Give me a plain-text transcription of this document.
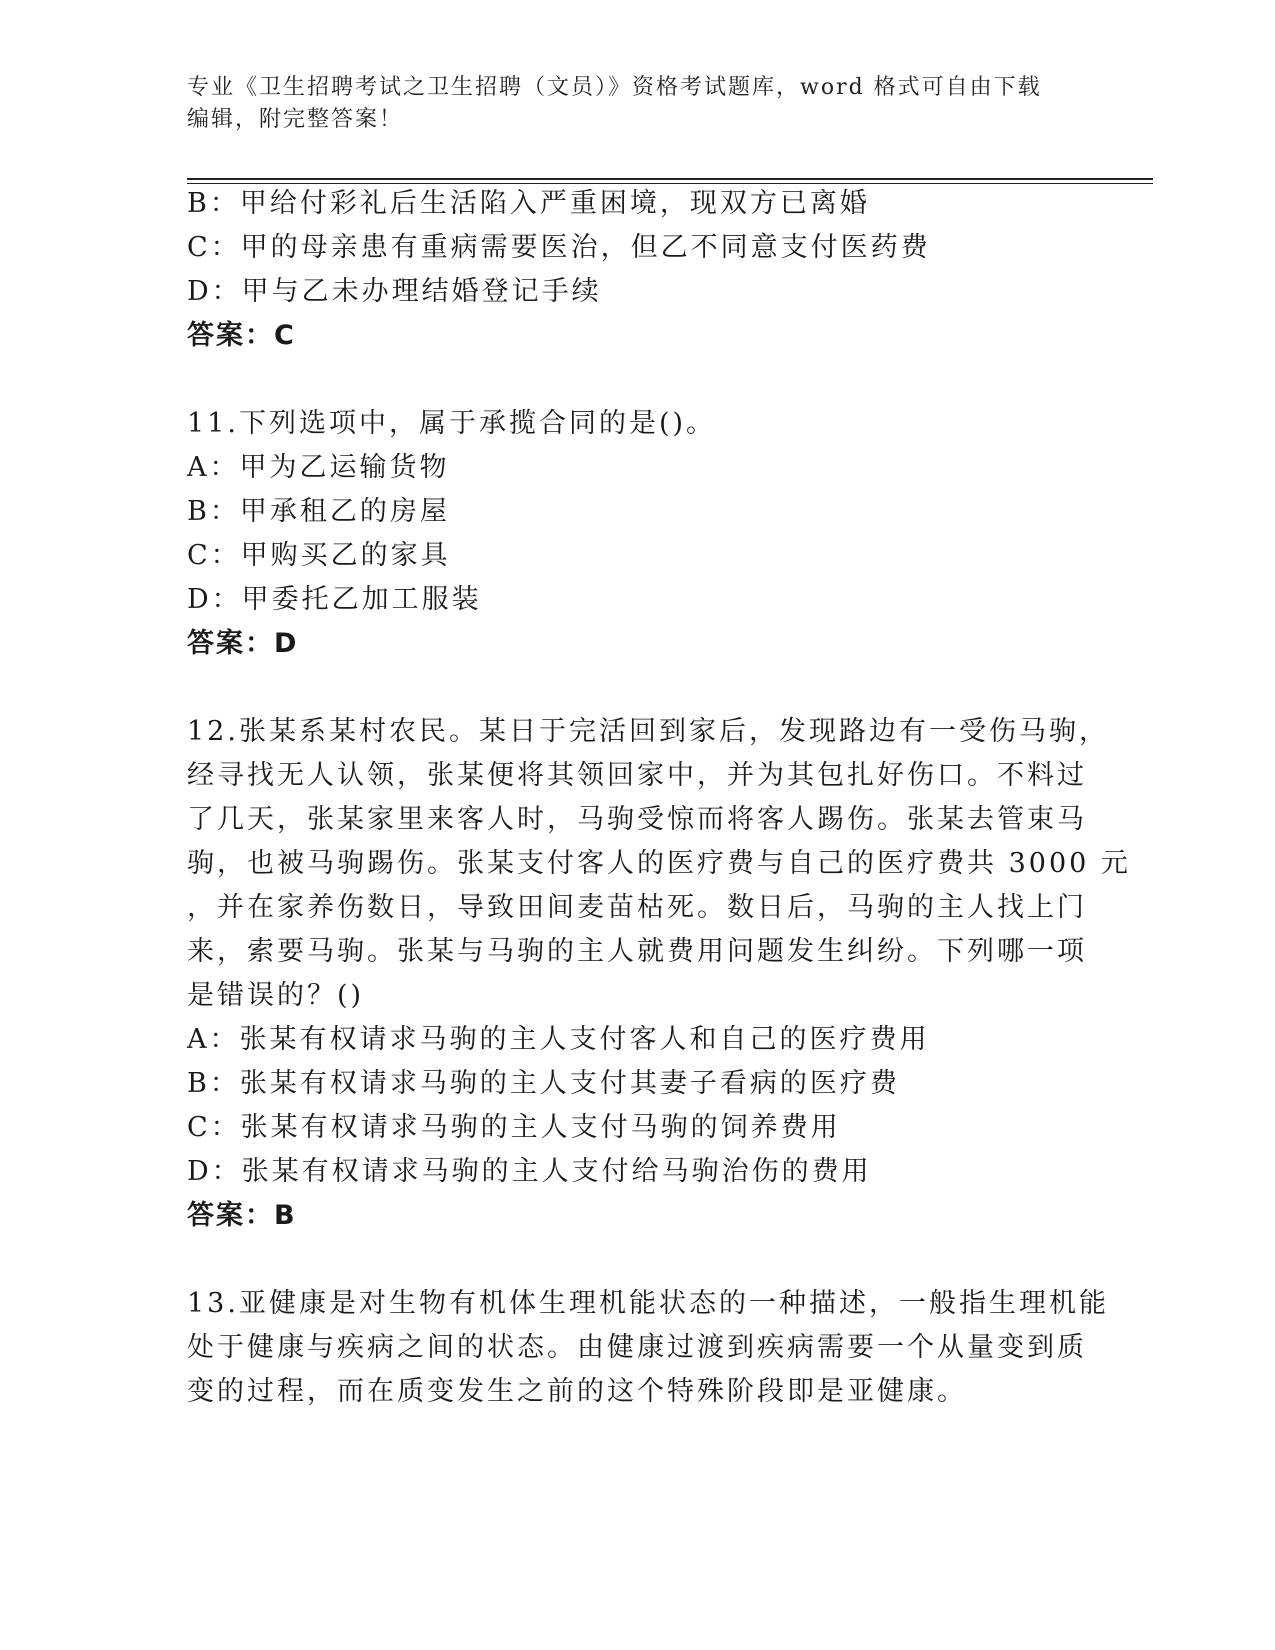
专业《卫生招聘考试之卫生招聘（文员）》资格考试题库，word 格式可自由下载
编辑，附完整答案！
B：甲给付彩礼后生活陷入严重困境，现双方已离婚
C：甲的母亲患有重病需要医治，但乙不同意支付医药费
D：甲与乙未办理结婚登记手续
答案：C
11.下列选项中，属于承揽合同的是()。
A：甲为乙运输货物
B：甲承租乙的房屋
C：甲购买乙的家具
D：甲委托乙加工服装
答案：D
12.张某系某村农民。某日于完活回到家后，发现路边有一受伤马驹，
经寻找无人认领，张某便将其领回家中，并为其包扎好伤口。不料过
了几天，张某家里来客人时，马驹受惊而将客人踢伤。张某去管束马
驹，也被马驹踢伤。张某支付客人的医疗费与自己的医疗费共 3000 元
，并在家养伤数日，导致田间麦苗枯死。数日后，马驹的主人找上门
来，索要马驹。张某与马驹的主人就费用问题发生纠纷。下列哪一项
是错误的？()
A：张某有权请求马驹的主人支付客人和自己的医疗费用
B：张某有权请求马驹的主人支付其妻子看病的医疗费
C：张某有权请求马驹的主人支付马驹的饲养费用
D：张某有权请求马驹的主人支付给马驹治伤的费用
答案：B
13.亚健康是对生物有机体生理机能状态的一种描述，一般指生理机能
处于健康与疾病之间的状态。由健康过渡到疾病需要一个从量变到质
变的过程，而在质变发生之前的这个特殊阶段即是亚健康。
